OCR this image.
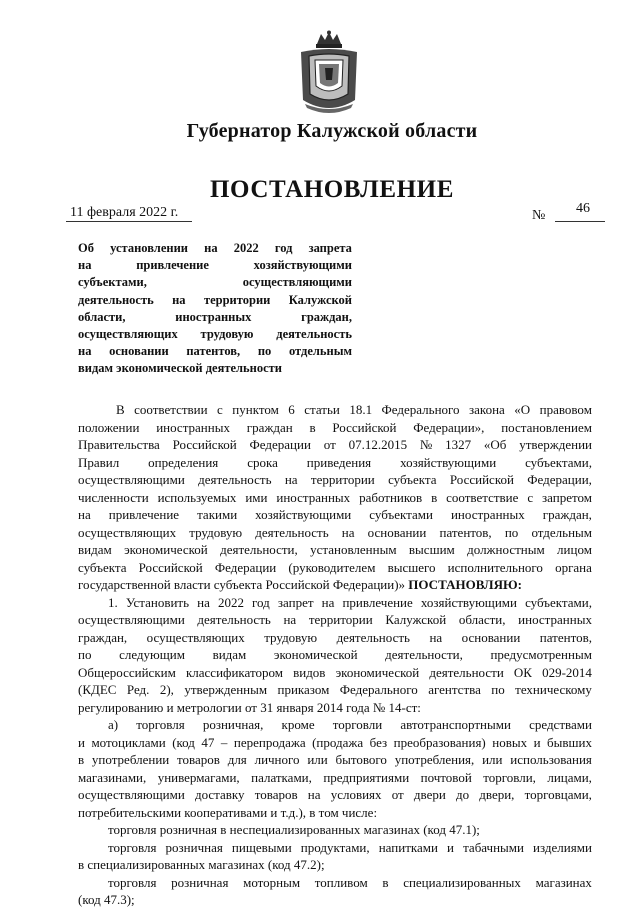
Губернатор Калужской области
ПОСТАНОВЛЕНИЕ
11 февраля 2022 г.	№ 46
Об установлении на 2022 год запрета
на	привлечение	хозяйствующими
субъектами,	осуществляющими
деятельность на территории Калужской
области,	иностранных	граждан,
осуществляющих трудовую деятельность
на основании патентов, по отдельным
видам экономической деятельности
В соответствии с пунктом 6 статьи 18.1 Федерального закона «О правовом
положении иностранных граждан в Российской Федерации», постановлением
Правительства Российской Федерации от 07.12.2015 № 1327 «Об утверждении
Правил определения срока приведения хозяйствующими субъектами,
осуществляющими деятельность на территории субъекта Российской Федерации,
численности используемых ими иностранных работников в соответствие с запретом
на привлечение такими хозяйствующими субъектами иностранных граждан,
осуществляющих трудовую деятельность на основании патентов, по отдельным
видам экономической деятельности, установленным высшим должностным лицом
субъекта Российской Федерации (руководителем высшего исполнительного органа
государственной власти субъекта Российской Федерации)»
ПОСТАНОВЛЯЮ:
1. Установить на 2022 год запрет на привлечение хозяйствующими субъектами,
осуществляющими деятельность на территории Калужской области, иностранных
граждан, осуществляющих трудовую деятельность на основании патентов,
по следующим видам экономической деятельности, предусмотренным
Общероссийским классификатором видов экономической деятельности ОК 029-2014
(КДЕС Ред. 2), утвержденным приказом Федерального агентства по техническому
регулированию и метрологии от 31 января 2014 года № 14-ст:
а) торговля розничная, кроме торговли автотранспортными средствами
и мотоциклами (код 47 – перепродажа (продажа без преобразования) новых и бывших
в употреблении товаров для личного или бытового употребления, или использования
магазинами, универмагами, палатками, предприятиями почтовой торговли, лицами,
осуществляющими доставку товаров на условиях от двери до двери, торговцами,
потребительскими кооперативами и т.д.), в том числе:
торговля розничная в неспециализированных магазинах (код 47.1);
торговля розничная пищевыми продуктами, напитками и табачными изделиями
в специализированных магазинах (код 47.2);
торговля розничная моторным топливом в специализированных магазинах
(код 47.3);
